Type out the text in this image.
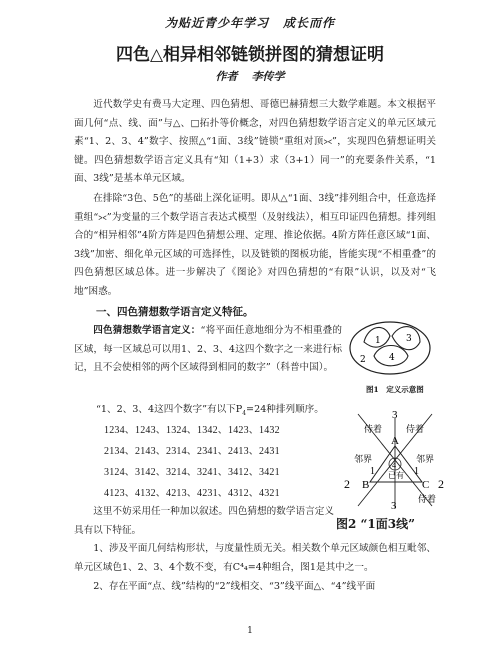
为贴近青少年学习 成长而作
四色△相异相邻链锁拼图的猜想证明
作者 李传学

近代数学史有费马大定理、四色猜想、哥德巴赫猜想三大数学难题。本文根据平面几何“点、线、面”与△、□拓扑等价概念，对四色猜想数学语言定义的单元区域元素“1、2、3、4”数字、按照△“1面、3线”链锁“重组对顶⪥”，实现四色猜想证明关键。四色猜想数学语言定义具有“知（1+3）求（3+1）同一”的充要条件关系，“1面、3线”是基本单元区域。

在排除“3色、5色”的基础上深化证明。即从△“1面、3线”排列组合中，任意选择重组“⪥”为变量的三个数学语言表达式模型（及射线法），相互印证四色猜想。排列组合的“相异相邻”4阶方阵是四色猜想公理、定理、推论依据。4阶方阵任意区域“1面、3线”加密、细化单元区域的可选择性，以及链锁的图板功能，皆能实现“不相重叠”的四色猜想区域总体。进一步解决了《图论》对四色猜想的“有限”认识，以及对“飞地”困惑。

一、四色猜想数学语言定义特征。

四色猜想数学语言定义：“将平面任意地细分为不相重叠的区域，每一区域总可以用1、2、3、4这四个数字之一来进行标记，且不会使相邻的两个区域得到相同的数字”（科普中国）。

“1、2、3、4这四个数字”有以下$P_4=24$种排列顺序。
1234、1243、1324、1342、1423、1432
2134、2143、2314、2341、2413、2431
3124、3142、3214、3241、3412、3421
4123、4132、4213、4231、4312、4321

这里不妨采用任一种加以叙述。四色猜想的数学语言定义具有以下特征。

1、涉及平面几何结构形状，与度量性质无关。相关数个单元区域颜色相互毗邻、单元区域色1、2、3、4个数不变，有C⁴₄=4种组合，图1是其中之一。

2、存在平面“点、线”结构的“2”线相交、“3”线平面△、“4”线平面

1
2
3
4
图1　定义示意图
3
侍着	侍着
A
邻界	邻界
4
1	1
已有
2 B	C 2
侍着
3
图2 “1面3线”
1
